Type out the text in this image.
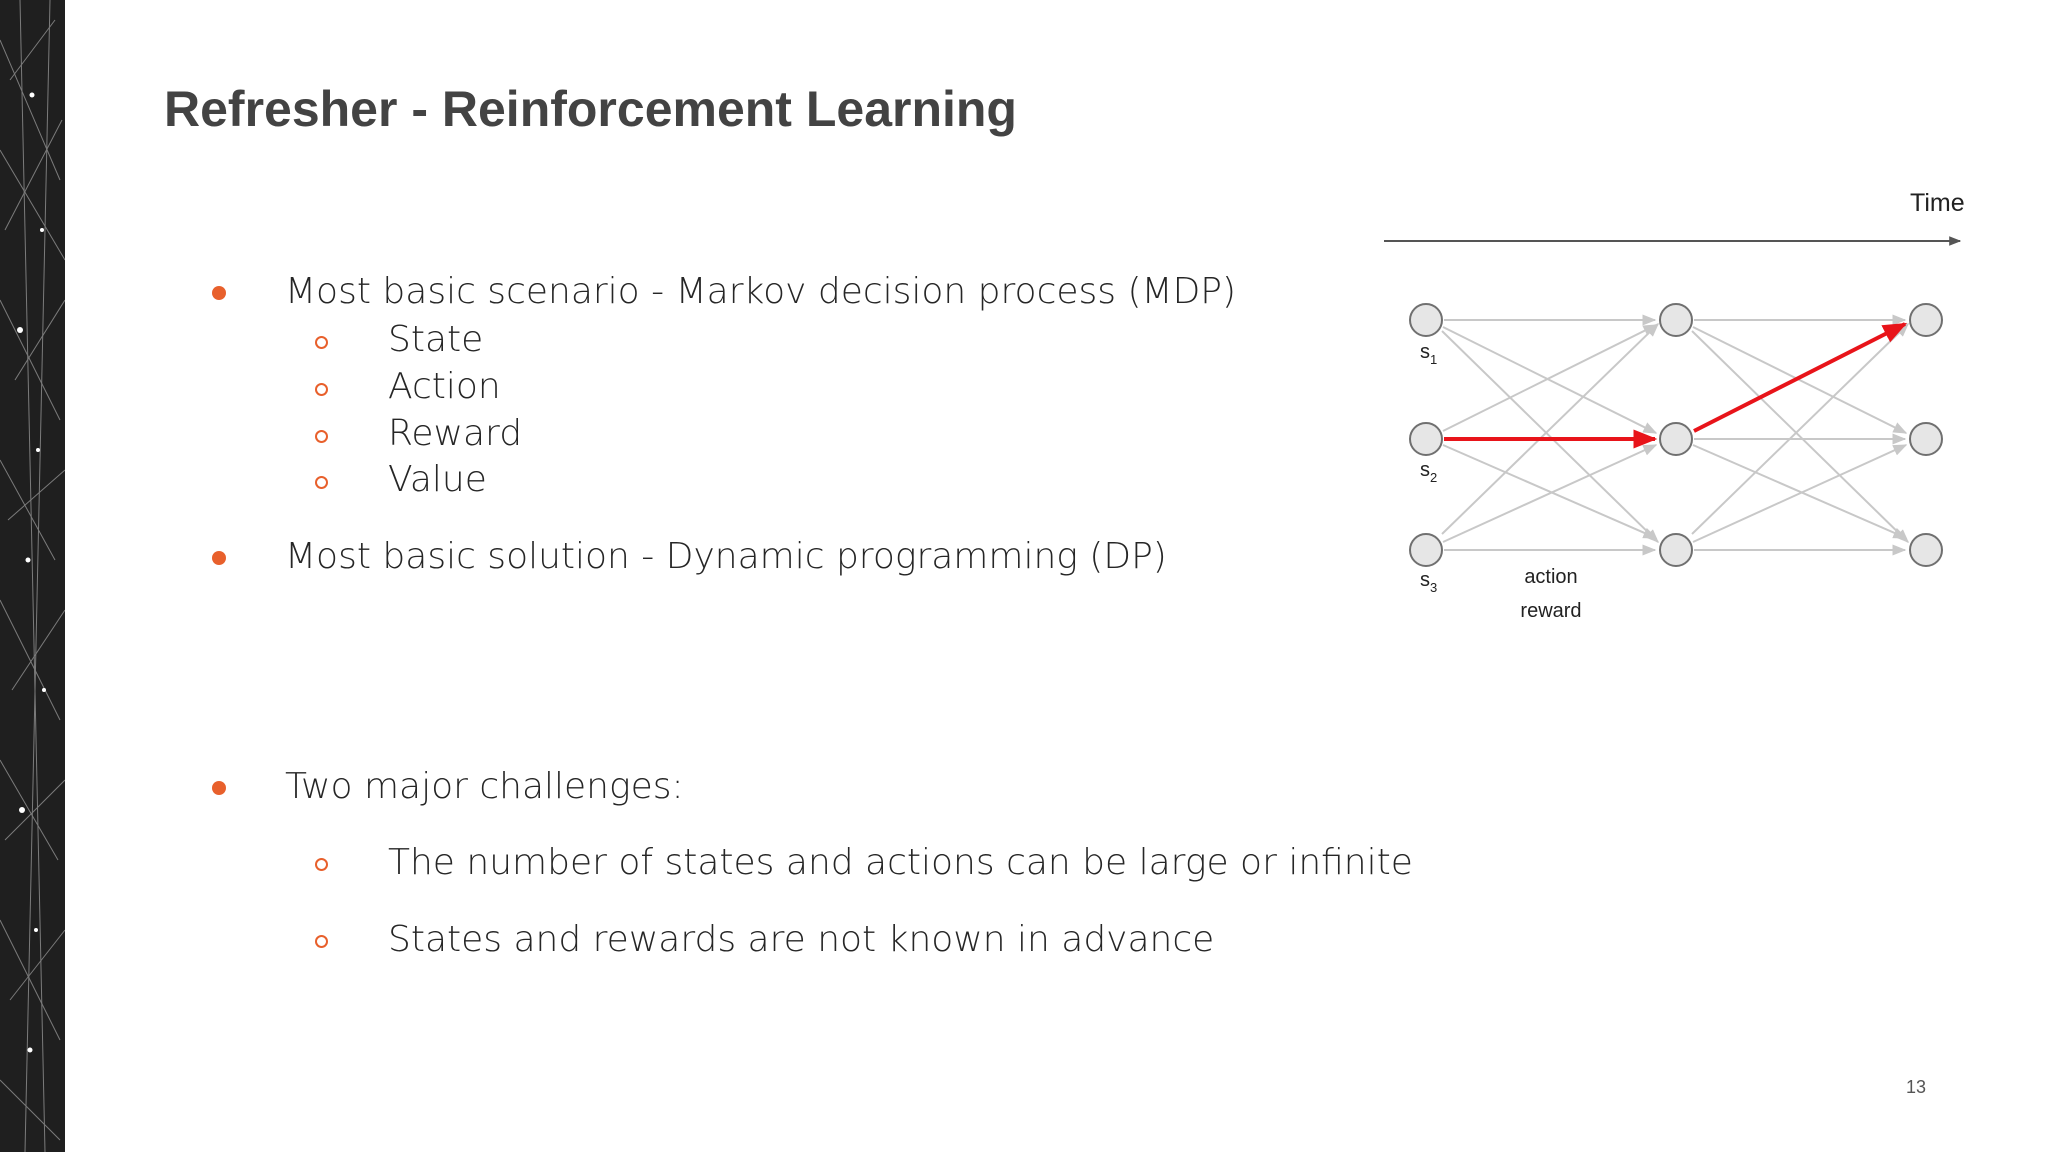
Refresher - Reinforcement Learning
Most basic scenario - Markov decision process (MDP)
State
Action
Reward
Value
Most basic solution - Dynamic programming (DP)
Two major challenges:
The number of states and actions can be large or infinite
States and rewards are not known in advance
Time
$s_1$
$s_2$
$s_3$	action
reward
13
